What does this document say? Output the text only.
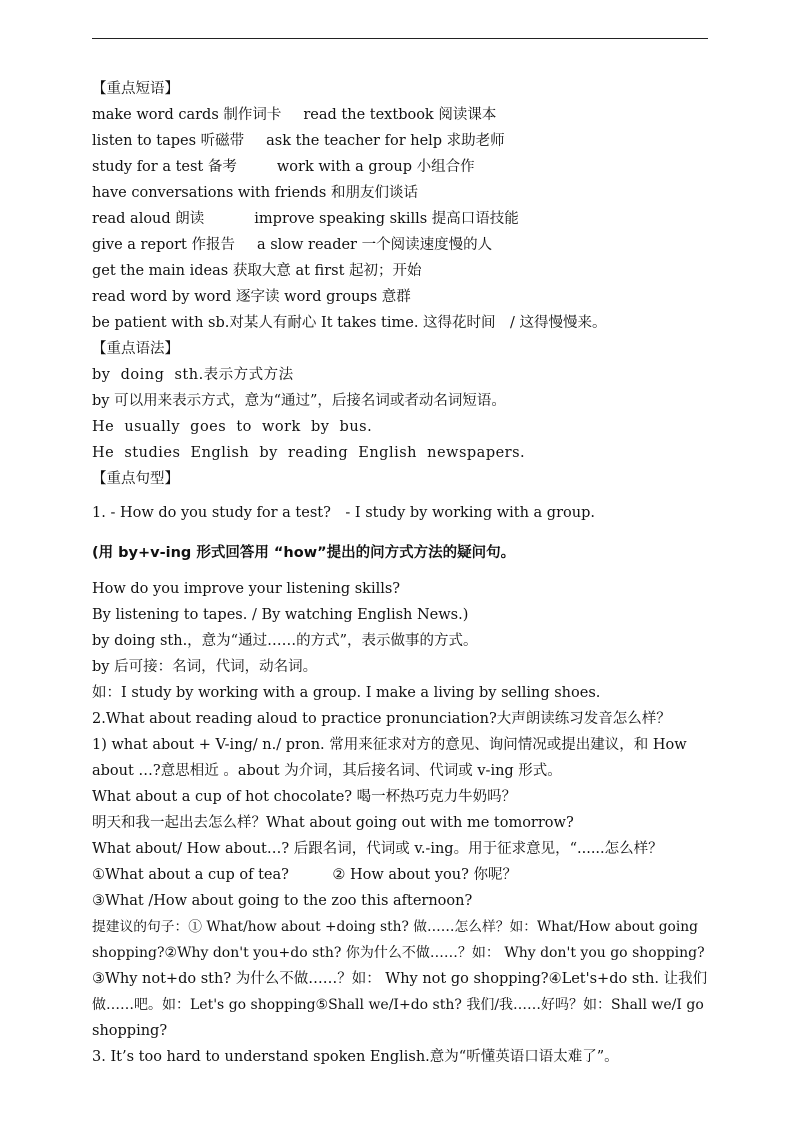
【重点短语】
make word cards 制作词卡 read the textbook 阅读课本
listen to tapes 听磁带 ask the teacher for help 求助老师
study for a test 备考	work with a group 小组合作
have conversations with friends 和朋友们谈话
read aloud 朗读	improve speaking skills 提高口语技能
give a report 作报告 a slow reader 一个阅读速度慢的人
get the main ideas 获取大意 at first 起初；开始
read word by word 逐字读 word groups 意群
be patient with sb.对某人有耐心 It takes time. 这得花时间　/ 这得慢慢来。
【重点语法】
by doing sth.表示方式方法
by 可以用来表示方式，意为“通过”，后接名词或者动名词短语。
He usually goes to work by bus.
He studies English by reading English newspapers.
【重点句型】
1. - How do you study for a test?　- I study by working with a group.
(用 by+v-ing 形式回答用 “how”提出的问方式方法的疑问句。
How do you improve your listening skills?
By listening to tapes. / By watching English News.)
by doing sth.，意为“通过……的方式”，表示做事的方式。
by 后可接：名词，代词，动名词。
如：I study by working with a group. I make a living by selling shoes.
2.What about reading aloud to practice pronunciation?大声朗读练习发音怎么样？
1) what about + V-ing/ n./ pron. 常用来征求对方的意见、询问情况或提出建议，和 How
about …?意思相近 。about 为介词，其后接名词、代词或 v-ing 形式。
What about a cup of hot chocolate? 喝一杯热巧克力牛奶吗？
明天和我一起出去怎么样？What about going out with me tomorrow?
What about/ How about…? 后跟名词，代词或 v.-ing。用于征求意见，“......怎么样？
①What about a cup of tea?　　　② How about you? 你呢？
③What /How about going to the zoo this afternoon?
提建议的句子：① What/how about +doing sth? 做……怎么样？如：What/How about going
shopping?②Why don't you+do sth? 你为什么不做……？如： Why don't you go shopping?
③Why not+do sth? 为什么不做……？如： Why not go shopping?④Let's+do sth. 让我们
做……吧。如：Let's go shopping⑤Shall we/I+do sth? 我们/我……好吗？如：Shall we/I go
shopping?
3. It’s too hard to understand spoken English.意为“听懂英语口语太难了”。
